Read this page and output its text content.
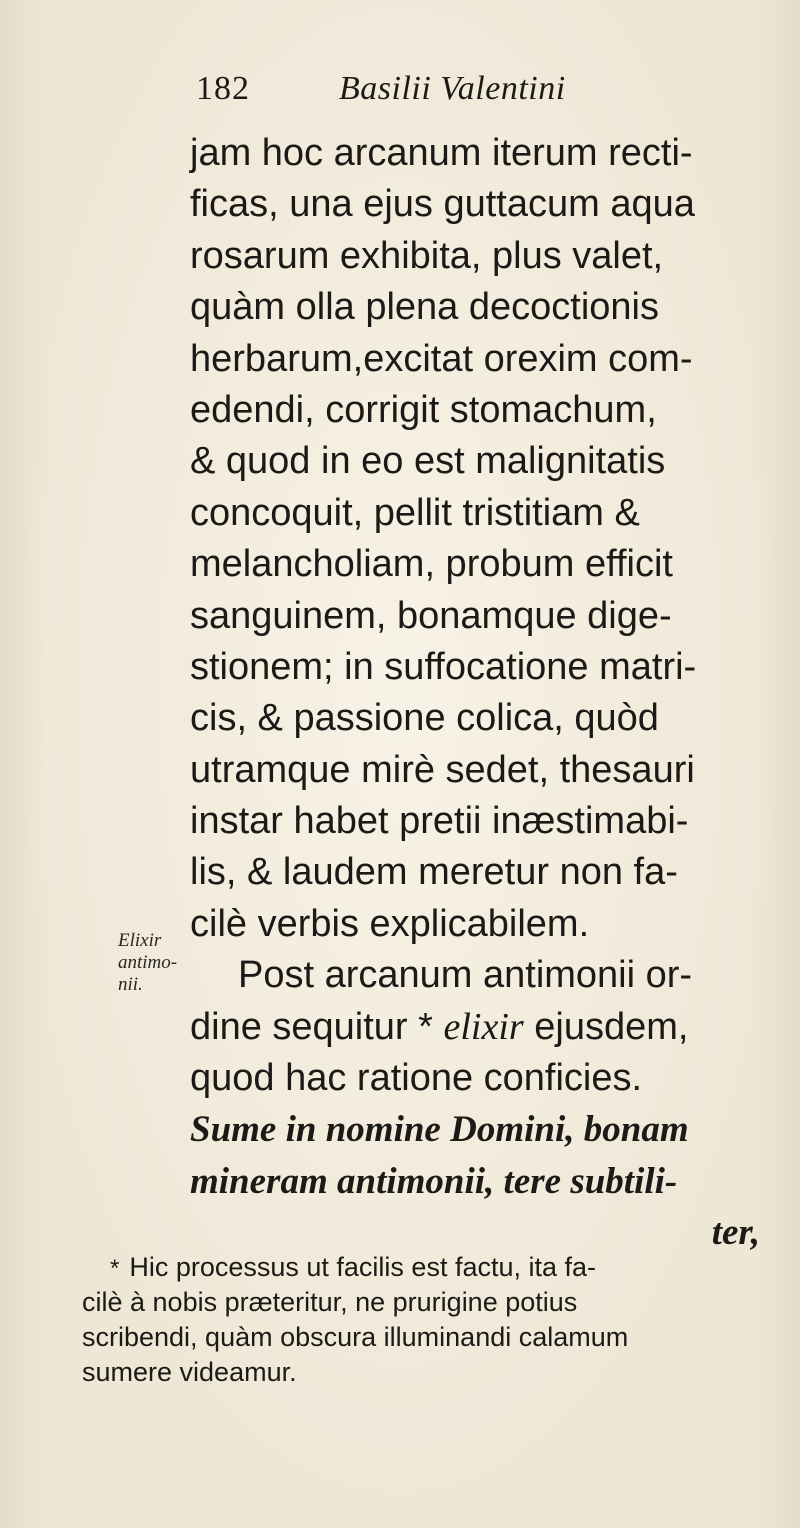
182	Basilii Valentini
jam hoc arcanum iterum recti-
ficas, una ejus guttacum aqua
rosarum exhibita, plus valet,
quàm olla plena decoctionis
herbarum,excitat orexim com-
edendi, corrigit stomachum,
& quod in eo est malignitatis
concoquit, pellit tristitiam &
melancholiam, probum efficit
sanguinem, bonamque dige-
stionem; in suffocatione matri-
cis, & passione colica, quòd
utramque mirè sedet, thesauri
instar habet pretii inæstimabi-
lis, & laudem meretur non fa-
cilè verbis explicabilem.
Post arcanum antimonii or-
dine sequitur * elixir ejusdem,
quod hac ratione conficies.
Sume in nomine Domini, bonam
mineram antimonii, tere subtili-
ter,
Elixir
antimo-
nii.
* Hic processus ut facilis est factu, ita fa-
cilè à nobis præteritur, ne prurigine potius
scribendi, quàm obscura illuminandi calamum
sumere videamur.
